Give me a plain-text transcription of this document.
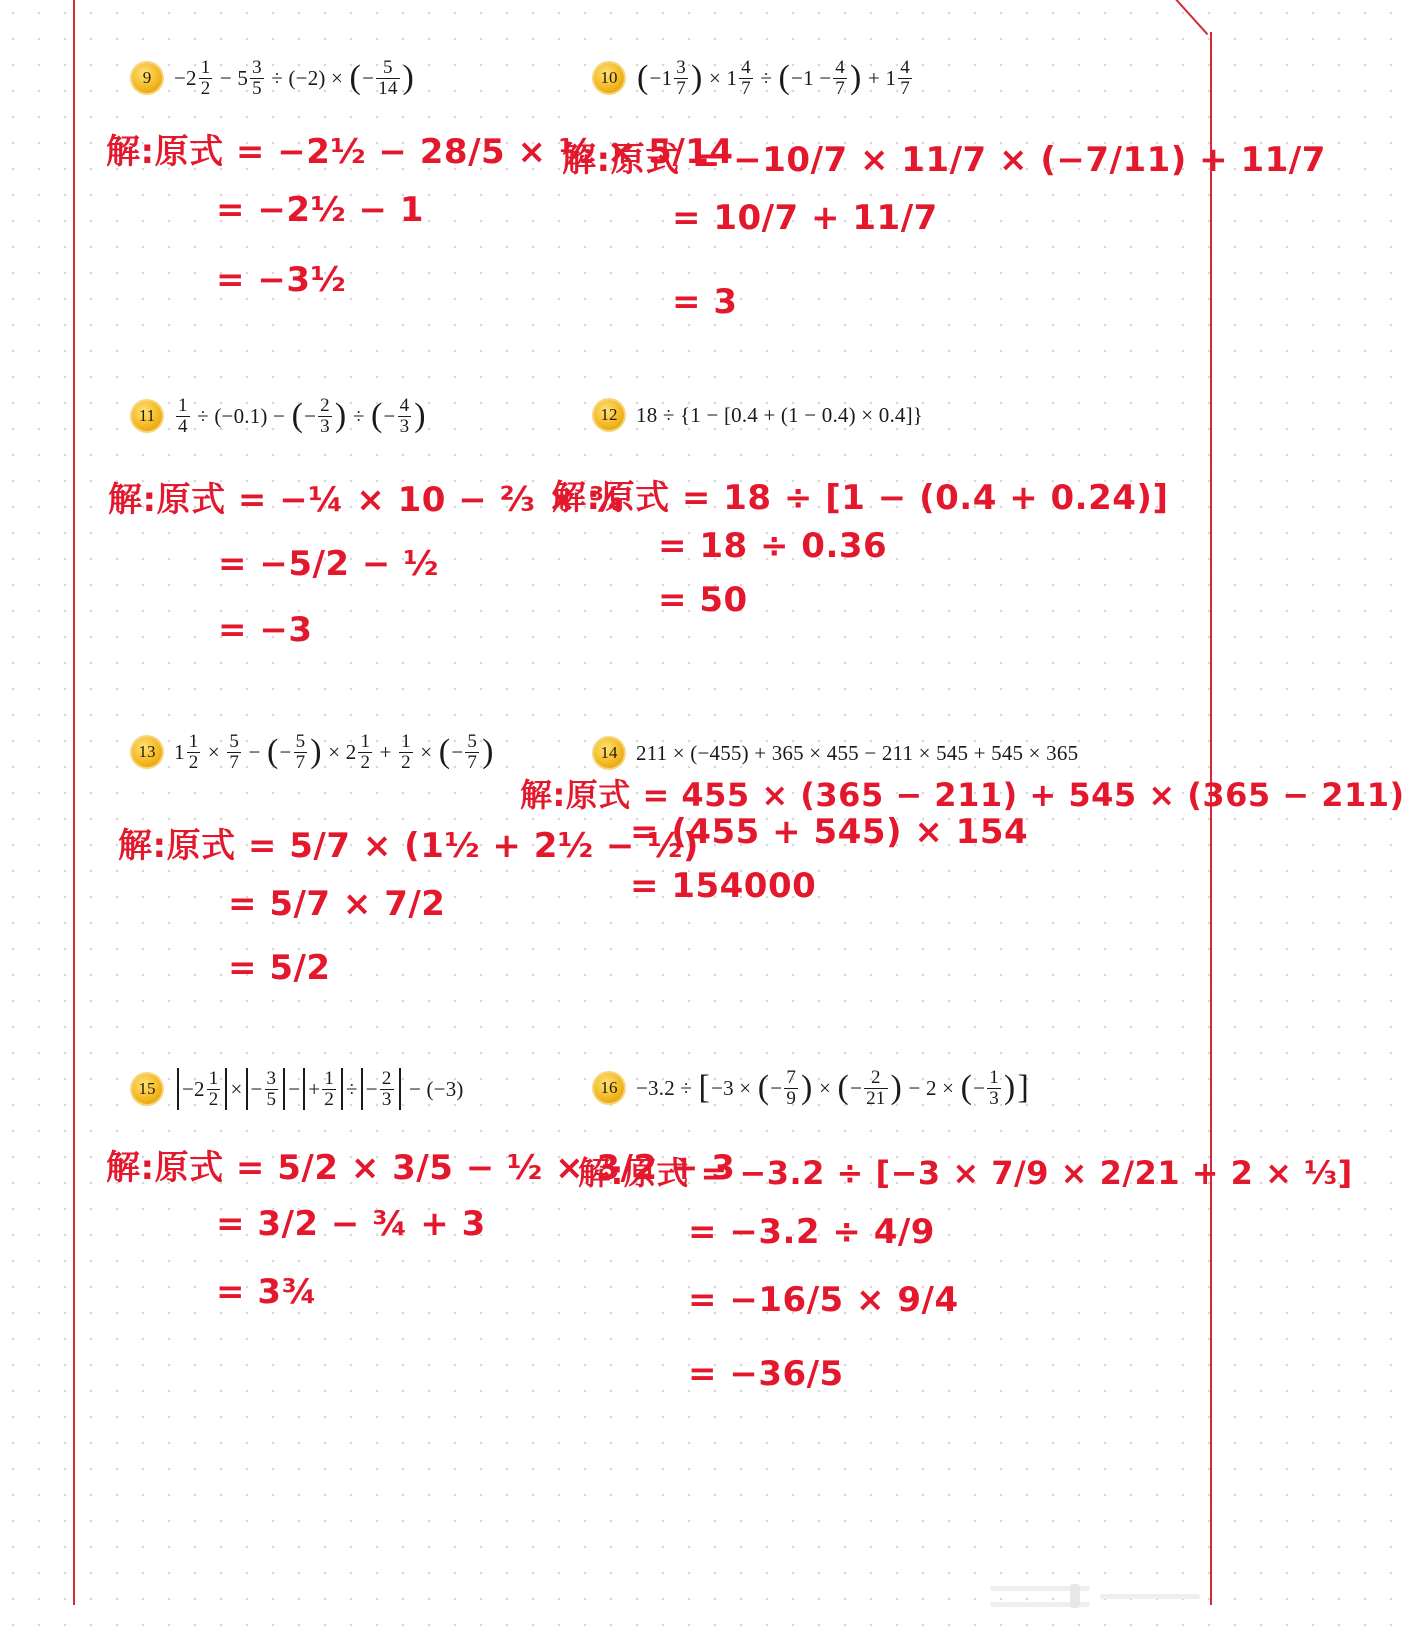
9	$-2 \frac{1}{2}$
−
$5 \frac{3}{5}$
÷
(−2)
×
( − $\frac{5}{14}$ )
解:原式 = −2½ − 28/5 × ½ × 5/14
= −2½ − 1
= −3½
10 ( $-1 \frac{3}{7}$ )
×
$1 \frac{4}{7}$
÷
( $-1 - \frac{4}{7}$ )
+
$1 \frac{4}{7}$
解:原式 = −10/7 × 11/7 × (−7/11) + 11/7
= 10/7 + 11/7
= 3
11	$\frac{1}{4}$
÷ (−0.1) −
( − $\frac{2}{3}$ )
÷
( − $\frac{4}{3}$ )
解:原式 = −¼ × 10 − ⅔ × ¾
= −5/2 − ½
= −3
12 18 ÷ {1 − [0.4 + (1 − 0.4) × 0.4]}
解:原式 = 18 ÷ [1 − (0.4 + 0.24)]
= 18 ÷ 0.36
= 50
13 $1 \frac{1}{2}$
×
$\frac{5}{7}$
−
( − $\frac{5}{7}$ )
×
$2 \frac{1}{2}$
+
$\frac{1}{2}$
×
( − $\frac{5}{7}$ )
解:原式 = 5/7 × (1½ + 2½ − ½)
= 5/7 × 7/2
= 5/2
14 211 × (−455) + 365 × 455 − 211 × 545 + 545 × 365
解:原式 = 455 × (365 − 211) + 545 × (365 − 211)
= (455 + 545) × 154
= 154000
15	$-2 \frac{1}{2}$ × − $\frac{3}{5}$ − + $\frac{1}{2}$ ÷ − $\frac{2}{3}$
− (−3)
解:原式 = 5/2 × 3/5 − ½ × 3/2 + 3
= 3/2 − ¾ + 3
= 3¾
16 −3.2 ÷
[ −3 ×
( − $\frac{7}{9}$ )
×
( − $\frac{2}{21}$ )
− 2 ×
( − $\frac{1}{3}$ ) ]
解:原式 = −3.2 ÷ [−3 × 7/9 × 2/21 + 2 × ⅓]
= −3.2 ÷ 4/9
= −16/5 × 9/4
= −36/5
